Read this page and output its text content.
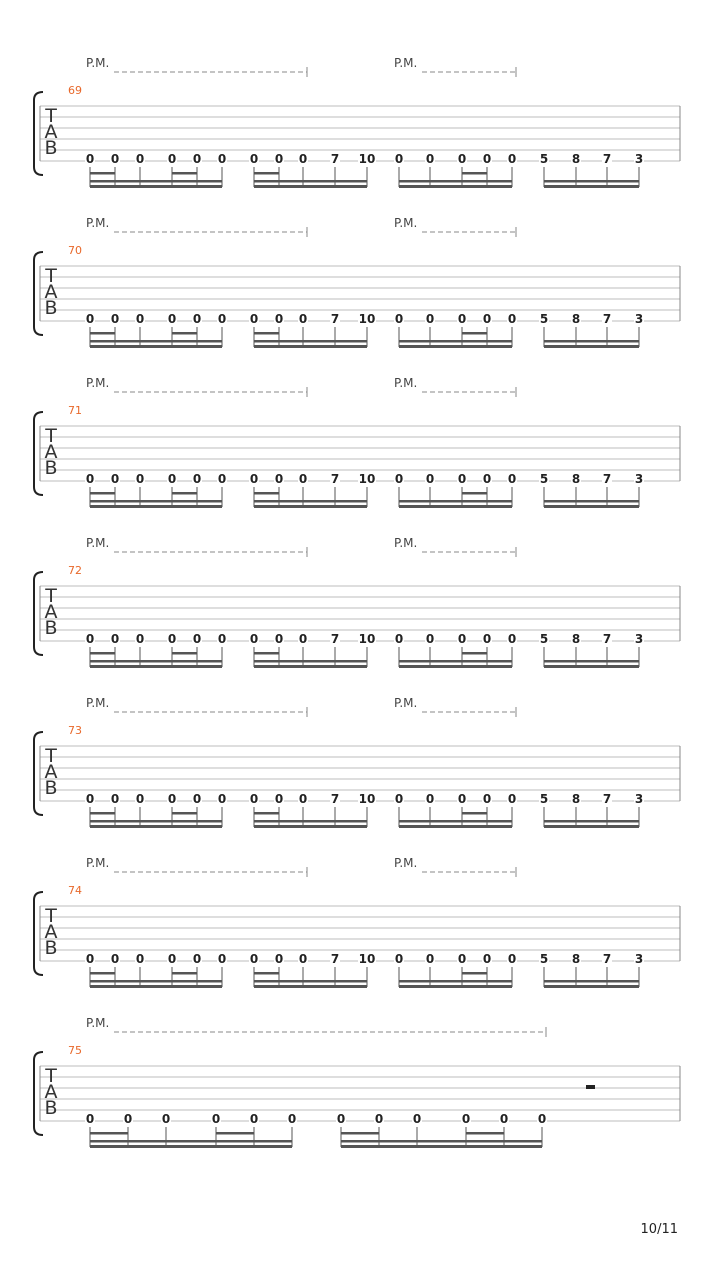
T
A
B
69
P.M.	P.M.
0 0 0 0 0 0 0 0 0 7 10 0 0 0 0 0 5 8 7 3
T
A
B
70
P.M.	P.M.
0 0 0 0 0 0 0 0 0 7 10 0 0 0 0 0 5 8 7 3
T
A
B
71
P.M.	P.M.
0 0 0 0 0 0 0 0 0 7 10 0 0 0 0 0 5 8 7 3
T
A
B
72
P.M.	P.M.
0 0 0 0 0 0 0 0 0 7 10 0 0 0 0 0 5 8 7 3
T
A
B
73
P.M.	P.M.
0 0 0 0 0 0 0 0 0 7 10 0 0 0 0 0 5 8 7 3
T
A
B
74
P.M.	P.M.
0 0 0 0 0 0 0 0 0 7 10 0 0 0 0 0 5 8 7 3
T
A
B
75
P.M.
0 0 0	0 0 0	0 0 0	0 0 0
10/11
